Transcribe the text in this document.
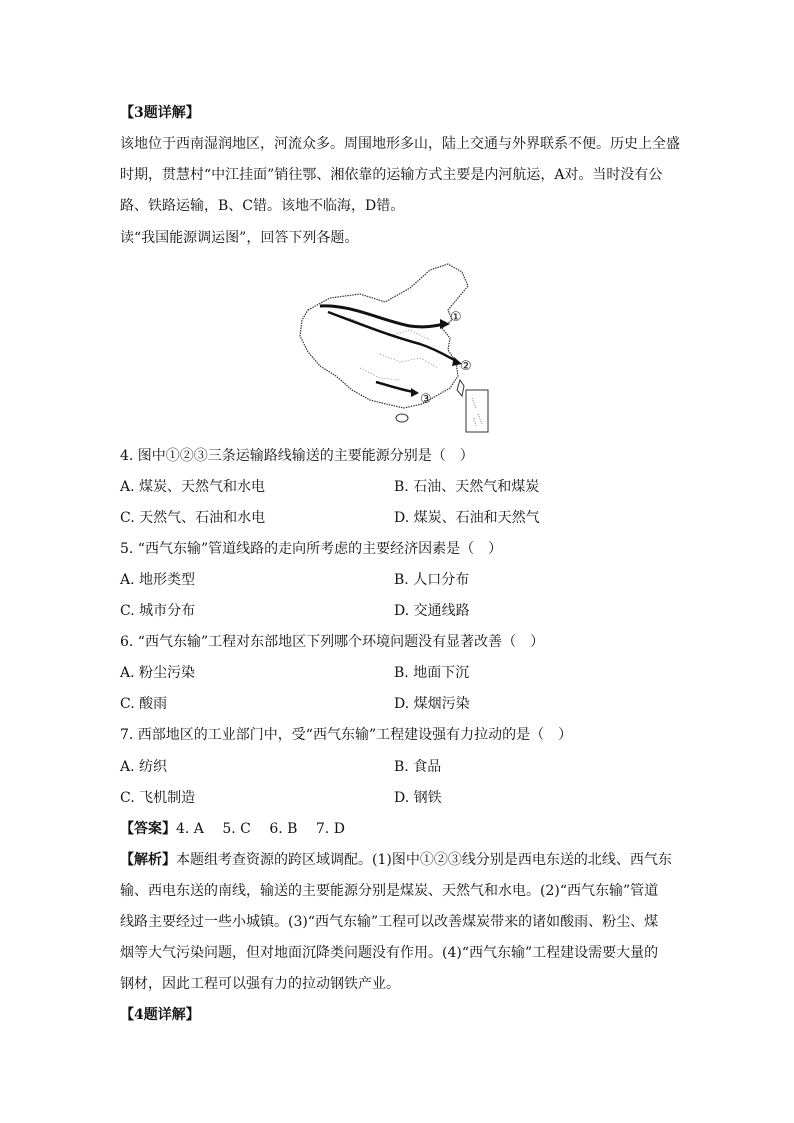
【3题详解】
该地位于西南湿润地区，河流众多。周围地形多山，陆上交通与外界联系不便。历史上全盛
时期，贯慧村“中江挂面”销往鄂、湘依靠的运输方式主要是内河航运，A对。当时没有公
路、铁路运输，B、C错。该地不临海，D错。
读“我国能源调运图”，回答下列各题。
①
②
③
4. 图中①②③三条运输路线输送的主要能源分别是（　）
A. 煤炭、天然气和水电	B. 石油、天然气和煤炭
C. 天然气、石油和水电	D. 煤炭、石油和天然气
5. “西气东输”管道线路的走向所考虑的主要经济因素是（　）
A. 地形类型	B. 人口分布
C. 城市分布	D. 交通线路
6. “西气东输”工程对东部地区下列哪个环境问题没有显著改善（　）
A. 粉尘污染	B. 地面下沉
C. 酸雨	D. 煤烟污染
7. 西部地区的工业部门中，受“西气东输”工程建设强有力拉动的是（　）
A. 纺织	B. 食品
C. 飞机制造	D. 钢铁
【答案】4. A　 5. C　 6. B　 7. D
【解析】本题组考查资源的跨区域调配。(1)图中①②③线分别是西电东送的北线、西气东
输、西电东送的南线，输送的主要能源分别是煤炭、天然气和水电。(2)“西气东输”管道
线路主要经过一些小城镇。(3)“西气东输”工程可以改善煤炭带来的诸如酸雨、粉尘、煤
烟等大气污染问题，但对地面沉降类问题没有作用。(4)“西气东输”工程建设需要大量的
钢材，因此工程可以强有力的拉动钢铁产业。
【4题详解】
